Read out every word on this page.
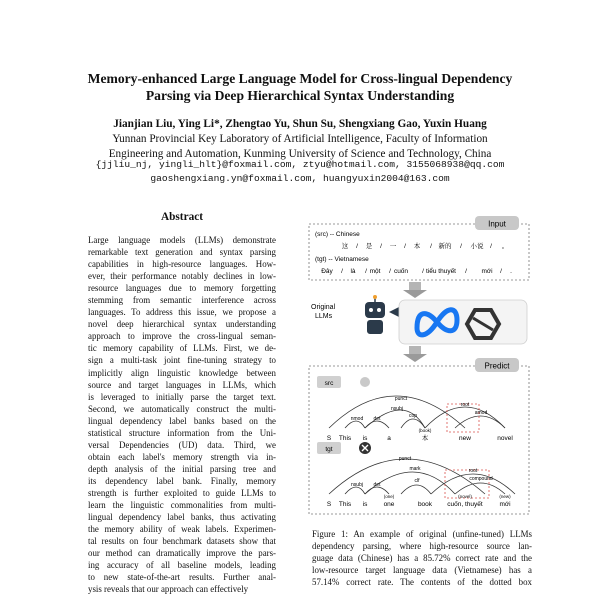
Memory-enhanced Large Language Model for Cross-lingual Dependency
Parsing via Deep Hierarchical Syntax Understanding
Jianjian Liu, Ying Li*, Zhengtao Yu, Shun Su, Shengxiang Gao, Yuxin Huang
Yunnan Provincial Key Laboratory of Artificial Intelligence, Faculty of Information
Engineering and Automation, Kunming University of Science and Technology, China
{jjliu_nj, yingli_hlt}@foxmail.com, ztyu@hotmail.com, 3155068938@qq.com
gaoshengxiang.yn@foxmail.com, huangyuxin2004@163.com
Abstract
Large language models (LLMs) demonstrate
remarkable text generation and syntax parsing
capabilities in high-resource languages. How-
ever, their performance notably declines in low-
resource languages due to memory forgetting
stemming from semantic interference across
languages. To address this issue, we propose a
novel deep hierarchical syntax understanding
approach to improve the cross-lingual seman-
tic memory capability of LLMs. First, we de-
sign a multi-task joint fine-tuning strategy to
implicitly align linguistic knowledge between
source and target languages in LLMs, which
is leveraged to initially parse the target text.
Second, we automatically construct the multi-
lingual dependency label banks based on the
statistical structure information from the Uni-
versal Dependencies (UD) data. Third, we
obtain each label's memory strength via in-
depth analysis of the initial parsing tree and
its dependency label bank. Finally, memory
strength is further exploited to guide LLMs to
learn the linguistic commonalities from multi-
lingual dependency label banks, thus activating
the memory ability of weak labels. Experimen-
tal results on four benchmark datasets show that
our method can dramatically improve the pars-
ing accuracy of all baseline models, leading
to new state-of-the-art results. Further anal-
ysis reveals that our approach can effectively
Input
(src) -- Chinese
这 / 是 / 一 / 本 / 新的 / 小说 / 。
(tgt) -- Vietnamese
Đây / là / một / cuốn / tiểu thuyết / mới / .
Original
LLMs
Predict
src
punct
nsubj
cop	amod
det
nmod
root
S This is	a	本
(book)
new	novel
tgt
punct
mark
clf	compound
det
nsubj
root
S This is one
(one)
book cuốn, thuyết
(novel)
mới
(new)
Figure 1: An example of original (unfine-tuned) LLMs
dependency parsing, where high-resource source lan-
guage data (Chinese) has a 85.72% correct rate and the
low-resource target language data (Vietnamese) has a
57.14% correct rate. The contents of the dotted box
